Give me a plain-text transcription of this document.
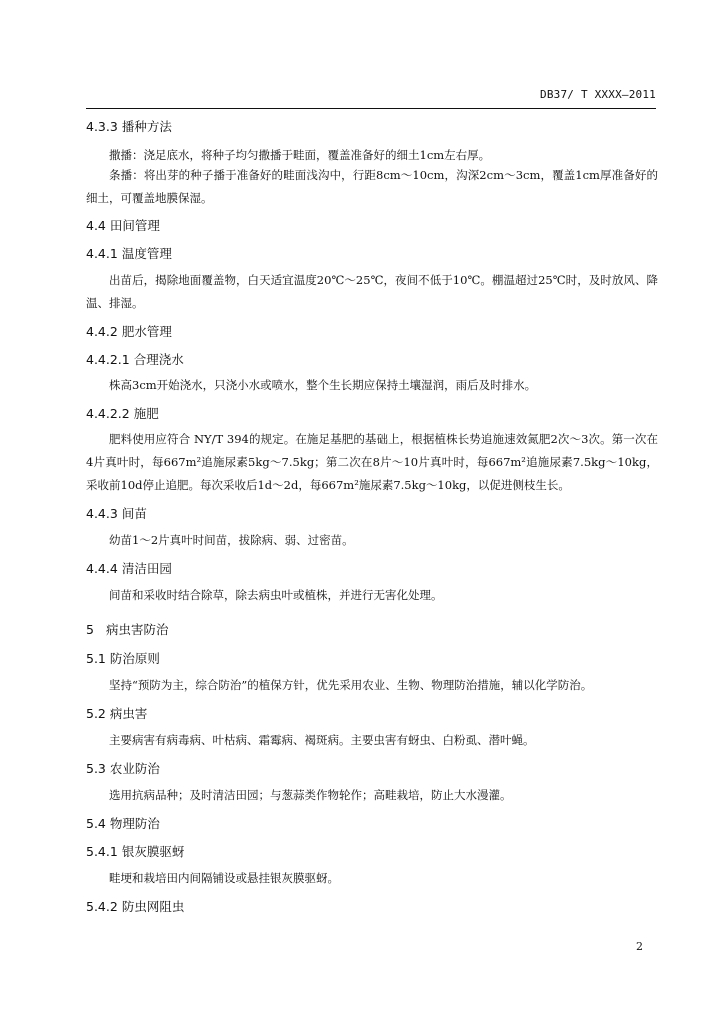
DB37/ T XXXX—2011
4.3.3 播种方法

撒播：浇足底水，将种子均匀撒播于畦面，覆盖准备好的细土1cm左右厚。

条播：将出芽的种子播于准备好的畦面浅沟中，行距8cm～10cm，沟深2cm～3cm，覆盖1cm厚准备好的细土，可覆盖地膜保湿。

4.4 田间管理
4.4.1 温度管理

出苗后，揭除地面覆盖物，白天适宜温度20℃～25℃，夜间不低于10℃。棚温超过25℃时，及时放风、降温、排湿。

4.4.2 肥水管理
4.4.2.1 合理浇水

株高3cm开始浇水，只浇小水或喷水，整个生长期应保持土壤湿润，雨后及时排水。

4.4.2.2 施肥

肥料使用应符合 NY/T 394的规定。在施足基肥的基础上，根据植株长势追施速效氮肥2次～3次。第一次在4片真叶时，每667m²追施尿素5kg～7.5kg；第二次在8片～10片真叶时，每667m²追施尿素7.5kg～10kg，采收前10d停止追肥。每次采收后1d～2d，每667m²施尿素7.5kg～10kg，以促进侧枝生长。

4.4.3 间苗

幼苗1～2片真叶时间苗，拔除病、弱、过密苗。

4.4.4 清洁田园

间苗和采收时结合除草，除去病虫叶或植株，并进行无害化处理。

5 病虫害防治
5.1 防治原则

坚持“预防为主，综合防治”的植保方针，优先采用农业、生物、物理防治措施，辅以化学防治。

5.2 病虫害

主要病害有病毒病、叶枯病、霜霉病、褐斑病。主要虫害有蚜虫、白粉虱、潜叶蝇。

5.3 农业防治

选用抗病品种；及时清洁田园；与葱蒜类作物轮作；高畦栽培，防止大水漫灌。

5.4 物理防治
5.4.1 银灰膜驱蚜

畦埂和栽培田内间隔铺设或悬挂银灰膜驱蚜。

5.4.2 防虫网阻虫
2
